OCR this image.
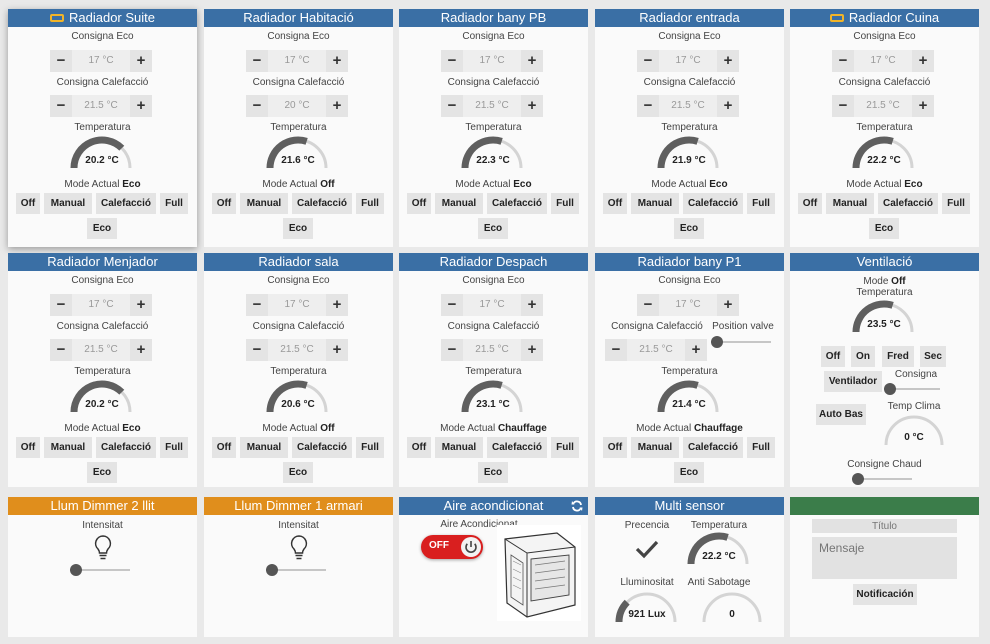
Radiador Suite
Consigna Eco
−	17 °C	+
Consigna Calefacció
−	21.5 °C	+
Temperatura
20.2 °C
Mode Actual Eco
Off	Manual	Calefacció	Full
Eco
Radiador Habitació
Consigna Eco
−	17 °C	+
Consigna Calefacció
−	20 °C	+
Temperatura
21.6 °C
Mode Actual Off
Off	Manual	Calefacció	Full
Eco
Radiador bany PB
Consigna Eco
−	17 °C	+
Consigna Calefacció
−	21.5 °C	+
Temperatura
22.3 °C
Mode Actual Eco
Off	Manual	Calefacció	Full
Eco
Radiador entrada
Consigna Eco
−	17 °C	+
Consigna Calefacció
−	21.5 °C	+
Temperatura
21.9 °C
Mode Actual Eco
Off	Manual	Calefacció	Full
Eco
Radiador Cuina
Consigna Eco
−	17 °C	+
Consigna Calefacció
−	21.5 °C	+
Temperatura
22.2 °C
Mode Actual Eco
Off	Manual	Calefacció	Full
Eco
Radiador Menjador
Consigna Eco
−	17 °C	+
Consigna Calefacció
−	21.5 °C	+
Temperatura
20.2 °C
Mode Actual Eco
Off	Manual	Calefacció	Full
Eco
Radiador sala
Consigna Eco
−	17 °C	+
Consigna Calefacció
−	21.5 °C	+
Temperatura
20.6 °C
Mode Actual Off
Off	Manual	Calefacció	Full
Eco
Radiador Despach
Consigna Eco
−	17 °C	+
Consigna Calefacció
−	21.5 °C	+
Temperatura
23.1 °C
Mode Actual Chauffage
Off	Manual	Calefacció	Full
Eco
Radiador bany P1
Consigna Eco
−	17 °C	+
Consigna Calefacció
−	21.5 °C	+
Position valve
Temperatura
21.4 °C
Mode Actual Chauffage
Off	Manual	Calefacció	Full
Eco
Ventilació
Mode Off
Temperatura
23.5 °C
Off	On	Fred	Sec
Ventilador
Consigna
Auto Bas
Temp Clima
0 °C
Consigne Chaud
Llum Dimmer 2 llit
Intensitat
Llum Dimmer 1 armari
Intensitat
Aire acondicionat
Aire Acondicionat
OFF
Multi sensor
Precencia	Temperatura
22.2 °C
Lluminositat
921 Lux
Anti Sabotage
0
Título
Mensaje
Notificación
